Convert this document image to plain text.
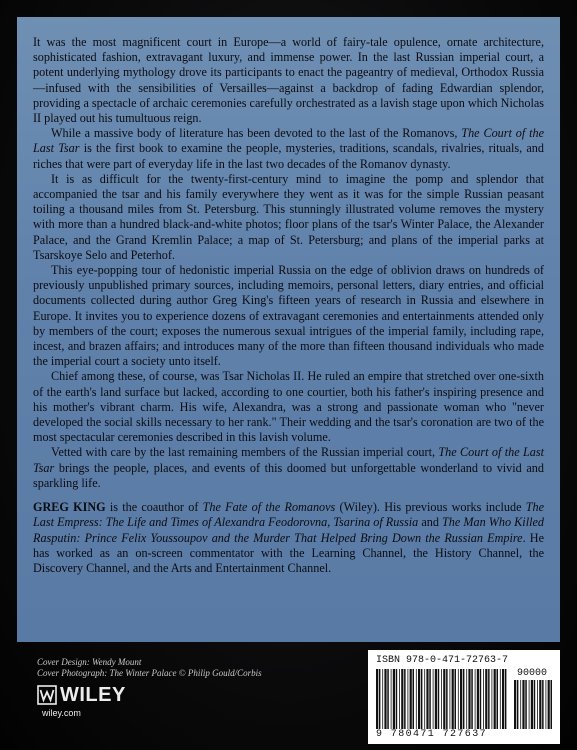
It was the most magnificent court in Europe—a world of fairy-tale opulence, ornate architecture, sophisticated fashion, extravagant luxury, and immense power. In the last Russian imperial court, a potent underlying mythology drove its participants to enact the pageantry of medieval, Orthodox Russia—infused with the sensibilities of Versailles—against a backdrop of fading Edwardian splendor, providing a spectacle of archaic ceremonies carefully orchestrated as a lavish stage upon which Nicholas II played out his tumultuous reign.

While a massive body of literature has been devoted to the last of the Romanovs, The Court of the Last Tsar is the first book to examine the people, mysteries, traditions, scandals, rivalries, rituals, and riches that were part of everyday life in the last two decades of the Romanov dynasty.

It is as difficult for the twenty-first-century mind to imagine the pomp and splendor that accompanied the tsar and his family everywhere they went as it was for the simple Russian peasant toiling a thousand miles from St. Petersburg. This stunningly illustrated volume removes the mystery with more than a hundred black-and-white photos; floor plans of the tsar's Winter Palace, the Alexander Palace, and the Grand Kremlin Palace; a map of St. Petersburg; and plans of the imperial parks at Tsarskoye Selo and Peterhof.

This eye-popping tour of hedonistic imperial Russia on the edge of oblivion draws on hundreds of previously unpublished primary sources, including memoirs, personal letters, diary entries, and official documents collected during author Greg King's fifteen years of research in Russia and elsewhere in Europe. It invites you to experience dozens of extravagant ceremonies and entertainments attended only by members of the court; exposes the numerous sexual intrigues of the imperial family, including rape, incest, and brazen affairs; and introduces many of the more than fifteen thousand individuals who made the imperial court a society unto itself.

Chief among these, of course, was Tsar Nicholas II. He ruled an empire that stretched over one-sixth of the earth's land surface but lacked, according to one courtier, both his father's inspiring presence and his mother's vibrant charm. His wife, Alexandra, was a strong and passionate woman who "never developed the social skills necessary to her rank." Their wedding and the tsar's coronation are two of the most spectacular ceremonies described in this lavish volume.

Vetted with care by the last remaining members of the Russian imperial court, The Court of the Last Tsar brings the people, places, and events of this doomed but unforgettable wonderland to vivid and sparkling life.

GREG KING is the coauthor of The Fate of the Romanovs (Wiley). His previous works include The Last Empress: The Life and Times of Alexandra Feodorovna, Tsarina of Russia and The Man Who Killed Rasputin: Prince Felix Youssoupov and the Murder That Helped Bring Down the Russian Empire. He has worked as an on-screen commentator with the Learning Channel, the History Channel, the Discovery Channel, and the Arts and Entertainment Channel.

Cover Design: Wendy Mount
Cover Photograph: The Winter Palace © Philip Gould/Corbis
WILEY
wiley.com
ISBN 978-0-471-72763-7
90000
9 780471 727637
